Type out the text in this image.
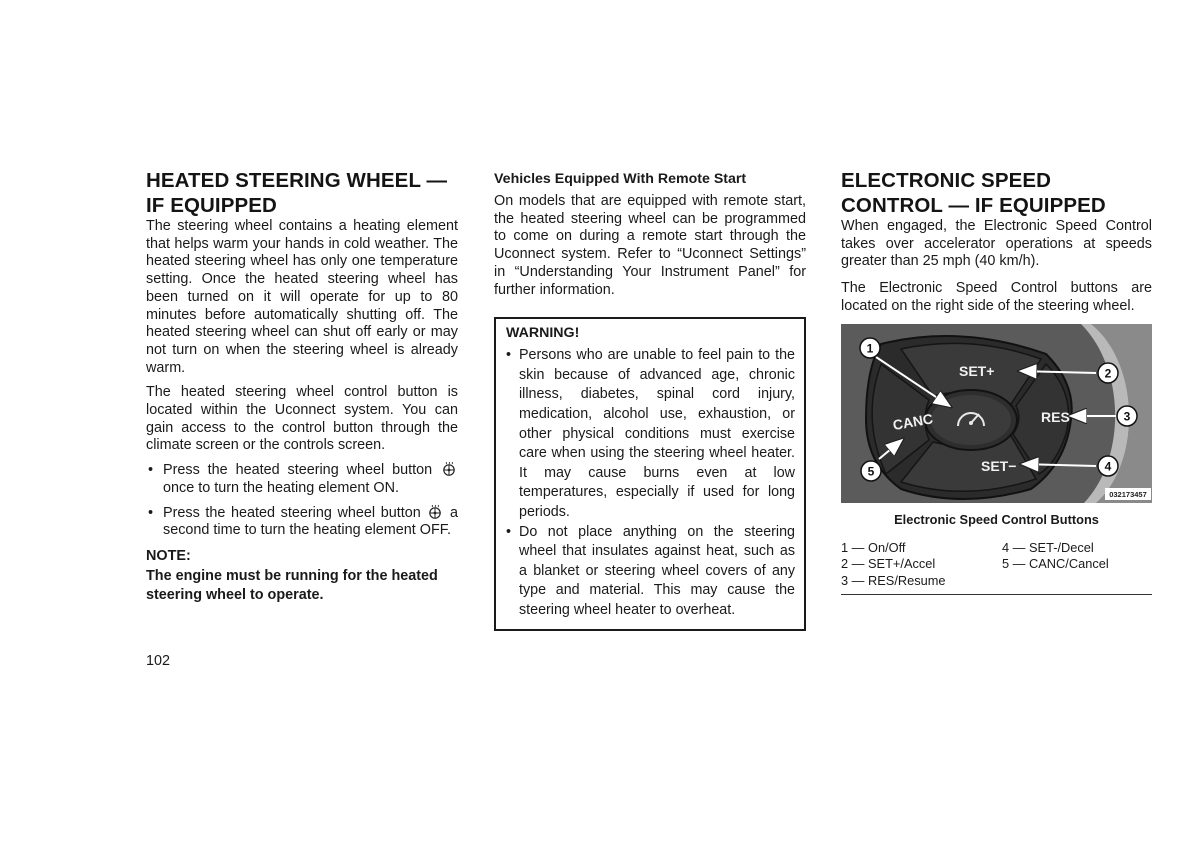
HEATED STEERING WHEEL —
IF EQUIPPED

The steering wheel contains a heating element that helps warm your hands in cold weather. The heated steering wheel has only one temperature setting. Once the heated steering wheel has been turned on it will operate for up to 80 minutes before automatically shutting off. The heated steering wheel can shut off early or may not turn on when the steering wheel is already warm.

The heated steering wheel control button is located within the Uconnect system. You can gain access to the control button through the climate screen or the controls screen.

• Press the heated steering wheel button  once to turn the heating element ON.
• Press the heated steering wheel button a second time to turn the heating element OFF.
NOTE:

The engine must be running for the heated steering wheel to operate.

Vehicles Equipped With Remote Start

On models that are equipped with remote start, the heated steering wheel can be programmed to come on during a remote start through the Uconnect system. Refer to “Uconnect Settings” in “Understanding Your Instrument Panel” for further information.

WARNING!
• Persons who are unable to feel pain to the skin because of advanced age, chronic illness, diabetes, spinal cord injury, medication, alcohol use, exhaustion, or other physical conditions must exercise care when using the steering wheel heater. It may cause burns even at low temperatures, especially if used for long periods.
• Do not place anything on the steering wheel that insulates against heat, such as a blanket or steering wheel covers of any type and material. This may cause the steering wheel heater to overheat.
ELECTRONIC SPEED
CONTROL — IF EQUIPPED

When engaged, the Electronic Speed Control takes over accelerator operations at speeds greater than 25 mph (40 km/h).

The Electronic Speed Control buttons are located on the right side of the steering wheel.

SET+
RES
CANC
SET−
1
2
3
4
5
032173457
Electronic Speed Control Buttons
1 — On/Off	4 — SET-/Decel
2 — SET+/Accel	5 — CANC/Cancel
3 — RES/Resume
102
